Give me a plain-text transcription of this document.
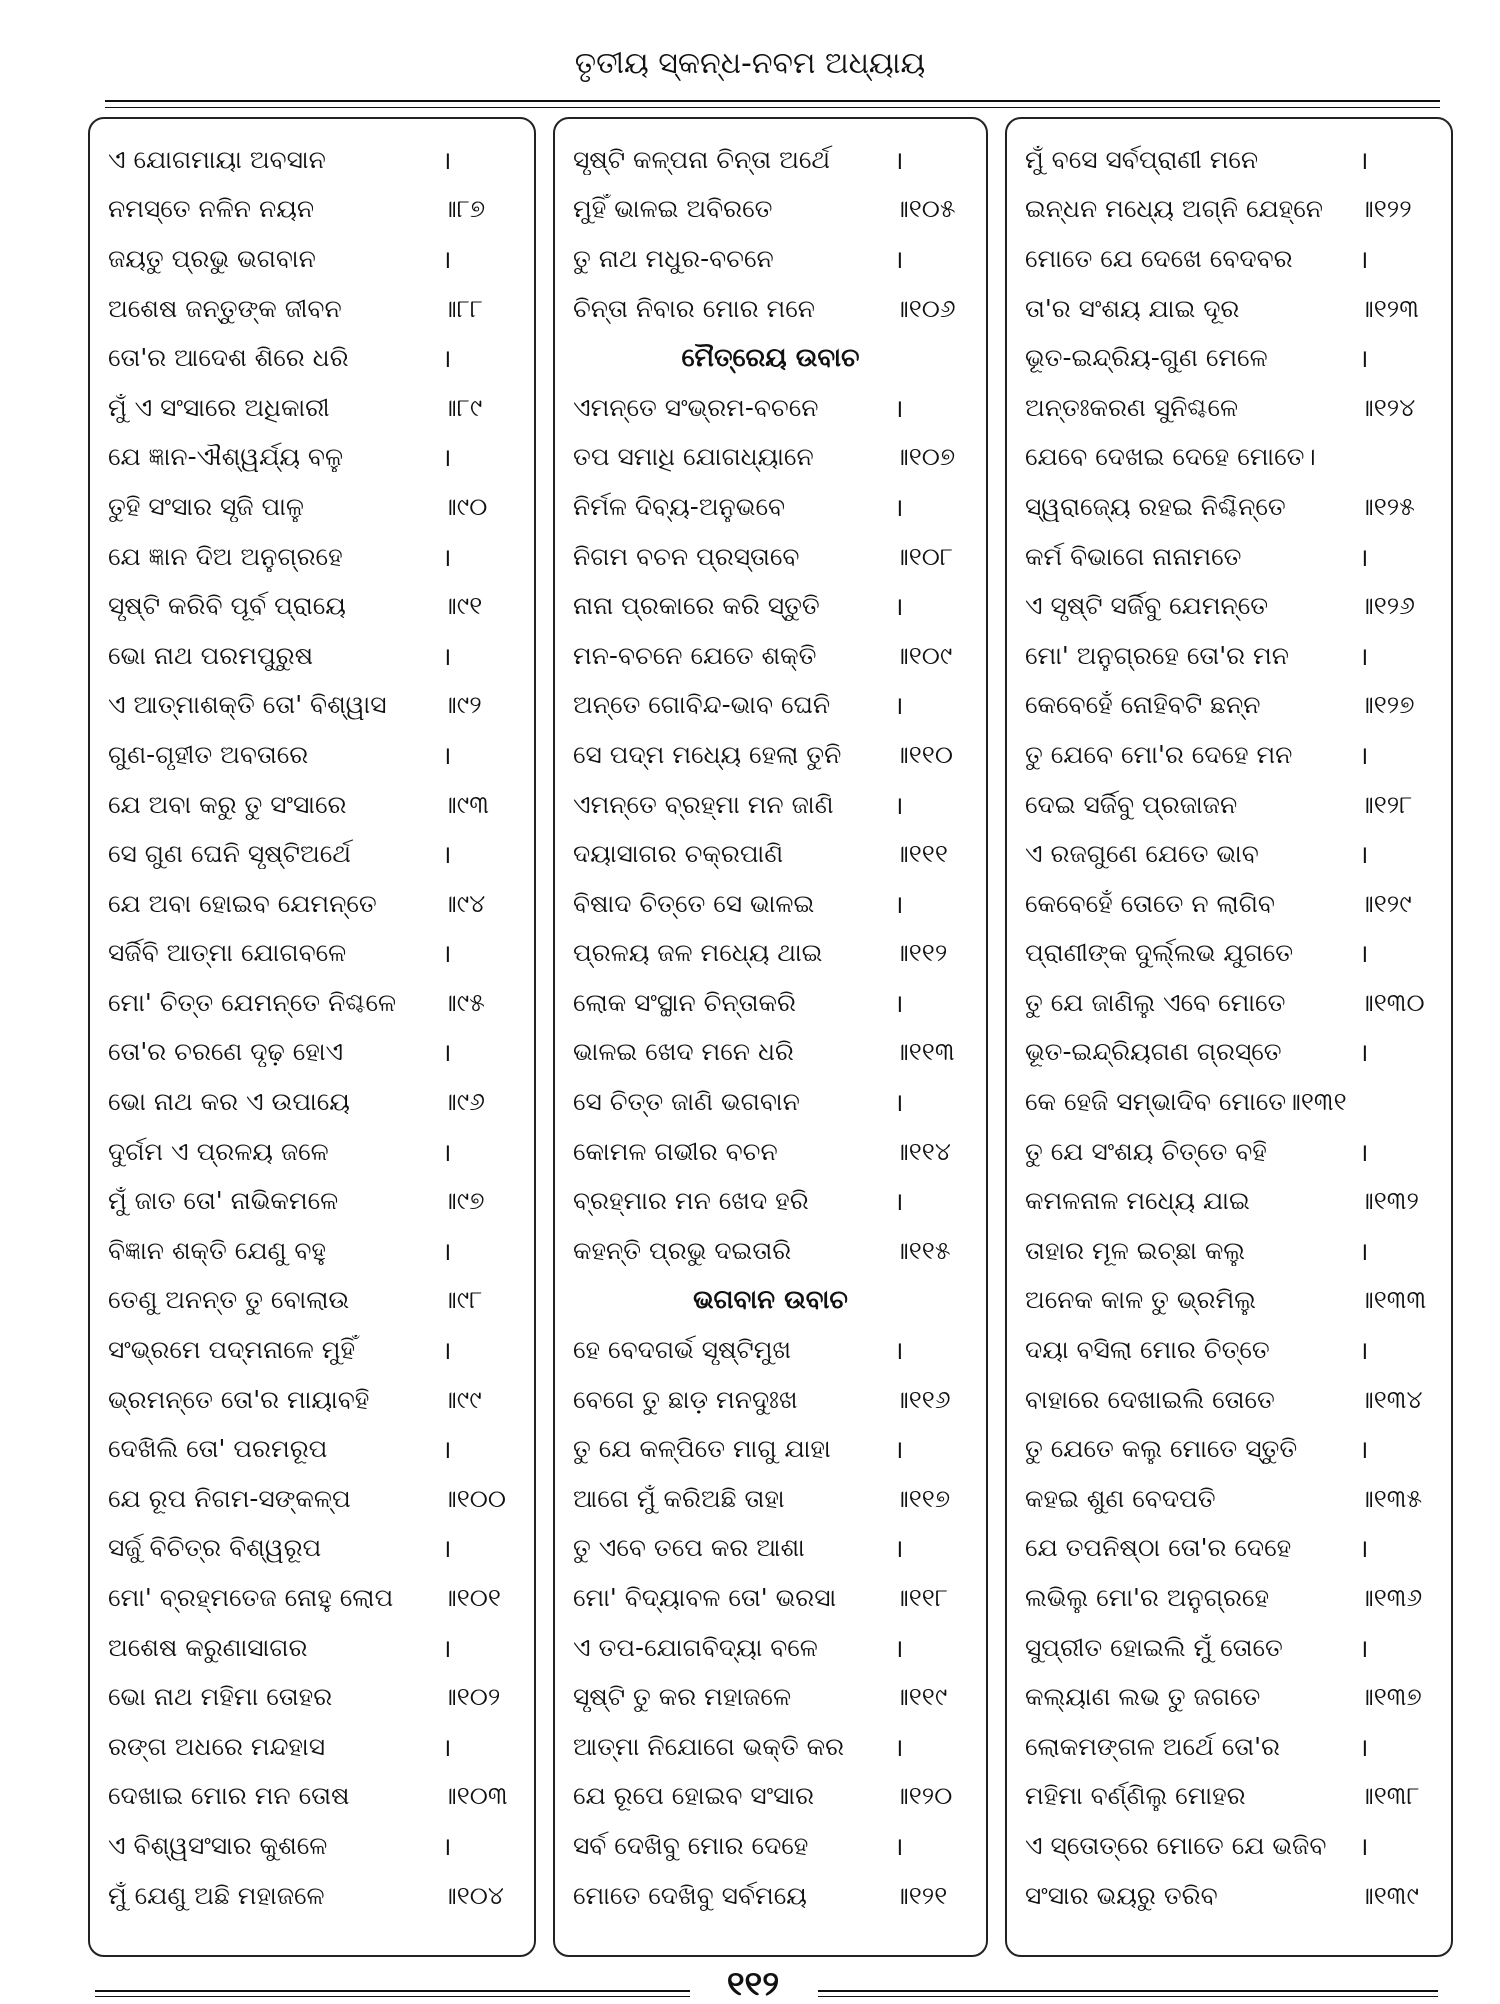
ତୃତୀୟ ସ୍କନ୍ଧ-ନବମ ଅଧ୍ୟାୟ
ଏ ଯୋଗମାୟା ଅବସାନ	।
ନମସ୍ତେ ନଳିନ ନୟନ	॥୮୭
ଜୟତୁ ପ୍ରଭୁ ଭଗବାନ	।
ଅଶେଷ ଜନ୍ତୁଙ୍କ ଜୀବନ	॥୮୮
ତୋ'ର ଆଦେଶ ଶିରେ ଧରି	।
ମୁଁ ଏ ସଂସାରେ ଅଧିକାରୀ	॥୮୯
ଯେ ଜ୍ଞାନ-ଐଶ୍ୱର୍ଯ୍ୟ ବଳୁ	।
ତୁହି ସଂସାର ସୃଜି ପାଳୁ	॥୯୦
ଯେ ଜ୍ଞାନ ଦିଅ ଅନୁଗ୍ରହେ	।
ସୃଷ୍ଟି କରିବି ପୂର୍ବ ପ୍ରାୟେ	॥୯୧
ଭୋ ନାଥ ପରମପୁରୁଷ	।
ଏ ଆତ୍ମାଶକ୍ତି ତୋ' ବିଶ୍ୱାସ	॥୯୨
ଗୁଣ-ଗୃହୀତ ଅବତାରେ	।
ଯେ ଅବା କରୁ ତୁ ସଂସାରେ	॥୯୩
ସେ ଗୁଣ ଘେନି ସୃଷ୍ଟିଅର୍ଥେ	।
ଯେ ଅବା ହୋଇବ ଯେମନ୍ତେ	॥୯୪
ସର୍ଜିବି ଆତ୍ମା ଯୋଗବଳେ	।
ମୋ' ଚିତ୍ତ ଯେମନ୍ତେ ନିଶ୍ଚଳେ	॥୯୫
ତୋ'ର ଚରଣେ ଦୃଢ଼ ହୋଏ	।
ଭୋ ନାଥ କର ଏ ଉପାୟେ	॥୯୬
ଦୁର୍ଗମ ଏ ପ୍ରଳୟ ଜଳେ	।
ମୁଁ ଜାତ ତୋ' ନାଭିକମଳେ	॥୯୭
ବିଜ୍ଞାନ ଶକ୍ତି ଯେଣୁ ବହୁ	।
ତେଣୁ ଅନନ୍ତ ତୁ ବୋଲାଉ	॥୯୮
ସଂଭ୍ରମେ ପଦ୍ମନାଳେ ମୁହିଁ	।
ଭ୍ରମନ୍ତେ ତୋ'ର ମାୟାବହି	॥୯୯
ଦେଖିଲି ତୋ' ପରମରୂପ	।
ଯେ ରୂପ ନିଗମ-ସଙ୍କଳ୍ପ	॥୧୦୦
ସର୍ଜୁ ବିଚିତ୍ର ବିଶ୍ୱରୂପ	।
ମୋ' ବ୍ରହ୍ମତେଜ ନୋହୁ ଲୋପ	॥୧୦୧
ଅଶେଷ କରୁଣାସାଗର	।
ଭୋ ନାଥ ମହିମା ତୋହର	॥୧୦୨
ରଙ୍ଗ ଅଧରେ ମନ୍ଦହାସ	।
ଦେଖାଇ ମୋର ମନ ତୋଷ	॥୧୦୩
ଏ ବିଶ୍ୱସଂସାର କୁଶଳେ	।
ମୁଁ ଯେଣୁ ଅଛି ମହାଜଳେ	॥୧୦୪
ସୃଷ୍ଟି କଳ୍ପନା ଚିନ୍ତା ଅର୍ଥେ	।
ମୁହିଁ ଭାଳଇ ଅବିରତେ	॥୧୦୫
ତୁ ନାଥ ମଧୁର-ବଚନେ	।
ଚିନ୍ତା ନିବାର ମୋର ମନେ	॥୧୦୬
ମୈତ୍ରେୟ ଉବାଚ
ଏମନ୍ତେ ସଂଭ୍ରମ-ବଚନେ	।
ତପ ସମାଧି ଯୋଗଧ୍ୟାନେ	॥୧୦୭
ନିର୍ମଳ ଦିବ୍ୟ-ଅନୁଭବେ	।
ନିଗମ ବଚନ ପ୍ରସ୍ତାବେ	॥୧୦୮
ନାନା ପ୍ରକାରେ କରି ସ୍ତୁତି	।
ମନ-ବଚନେ ଯେତେ ଶକ୍ତି	॥୧୦୯
ଅନ୍ତେ ଗୋବିନ୍ଦ-ଭାବ ଘେନି	।
ସେ ପଦ୍ମ ମଧ୍ୟେ ହେଲା ତୁନି	॥୧୧୦
ଏମନ୍ତେ ବ୍ରହ୍ମା ମନ ଜାଣି	।
ଦୟାସାଗର ଚକ୍ରପାଣି	॥୧୧୧
ବିଷାଦ ଚିତ୍ତେ ସେ ଭାଳଇ	।
ପ୍ରଳୟ ଜଳ ମଧ୍ୟେ ଥାଇ	॥୧୧୨
ଲୋକ ସଂସ୍ଥାନ ଚିନ୍ତାକରି	।
ଭାଳଇ ଖେଦ ମନେ ଧରି	॥୧୧୩
ସେ ଚିତ୍ତ ଜାଣି ଭଗବାନ	।
କୋମଳ ଗଭୀର ବଚନ	॥୧୧୪
ବ୍ରହ୍ମାର ମନ ଖେଦ ହରି	।
କହନ୍ତି ପ୍ରଭୁ ଦଇତାରି	॥୧୧୫
ଭଗବାନ ଉବାଚ
ହେ ବେଦଗର୍ଭ ସୃଷ୍ଟିମୁଖ	।
ବେଗେ ତୁ ଛାଡ଼ ମନଦୁଃଖ	॥୧୧୬
ତୁ ଯେ କଳ୍ପିତେ ମାଗୁ ଯାହା	।
ଆଗେ ମୁଁ କରିଅଛି ତାହା	॥୧୧୭
ତୁ ଏବେ ତପେ କର ଆଶା	।
ମୋ' ବିଦ୍ୟାବଳ ତୋ' ଭରସା	॥୧୧୮
ଏ ତପ-ଯୋଗବିଦ୍ୟା ବଳେ	।
ସୃଷ୍ଟି ତୁ କର ମହାଜଳେ	॥୧୧୯
ଆତ୍ମା ନିଯୋଗେ ଭକ୍ତି କର	।
ଯେ ରୂପେ ହୋଇବ ସଂସାର	॥୧୨୦
ସର୍ବ ଦେଖିବୁ ମୋର ଦେହେ	।
ମୋତେ ଦେଖିବୁ ସର୍ବମୟେ	॥୧୨୧
ମୁଁ ବସେ ସର୍ବପ୍ରାଣୀ ମନେ	।
ଇନ୍ଧନ ମଧ୍ୟେ ଅଗ୍ନି ଯେହ୍ନେ	॥୧୨୨
ମୋତେ ଯେ ଦେଖେ ବେଦବର	।
ତା'ର ସଂଶୟ ଯାଇ ଦୂର	॥୧୨୩
ଭୂତ-ଇନ୍ଦ୍ରିୟ-ଗୁଣ ମେଳେ	।
ଅନ୍ତଃକରଣ ସୁନିଶ୍ଚଳେ	॥୧୨୪
ଯେବେ ଦେଖଇ ଦେହେ ମୋତେ।
ସ୍ୱରାଜ୍ୟେ ରହଇ ନିଶ୍ଚିନ୍ତେ	॥୧୨୫
କର୍ମ ବିଭାଗେ ନାନାମତେ	।
ଏ ସୃଷ୍ଟି ସର୍ଜିବୁ ଯେମନ୍ତେ	॥୧୨୬
ମୋ' ଅନୁଗ୍ରହେ ତୋ'ର ମନ	।
କେବେହେଁ ନୋହିବଟି ଛନ୍ନ	॥୧୨୭
ତୁ ଯେବେ ମୋ'ର ଦେହେ ମନ	।
ଦେଇ ସର୍ଜିବୁ ପ୍ରଜାଜନ	॥୧୨୮
ଏ ରଜଗୁଣେ ଯେତେ ଭାବ	।
କେବେହେଁ ତୋତେ ନ ଲାଗିବ	॥୧୨୯
ପ୍ରାଣୀଙ୍କ ଦୁର୍ଲ୍ଲଭ ଯୁଗତେ	।
ତୁ ଯେ ଜାଣିଲୁ ଏବେ ମୋତେ	॥୧୩୦
ଭୂତ-ଇନ୍ଦ୍ରିୟଗଣ ଗ୍ରସ୍ତେ	।
କେ ହେଜି ସମ୍ଭାଦିବ ମୋତେ॥୧୩୧
ତୁ ଯେ ସଂଶୟ ଚିତ୍ତେ ବହି	।
କମଳନାଳ ମଧ୍ୟେ ଯାଇ	॥୧୩୨
ତାହାର ମୂଳ ଇଚ୍ଛା କଲୁ	।
ଅନେକ କାଳ ତୁ ଭ୍ରମିଲୁ	॥୧୩୩
ଦୟା ବସିଲା ମୋର ଚିତ୍ତେ	।
ବାହାରେ ଦେଖାଇଲି ତୋତେ	॥୧୩୪
ତୁ ଯେତେ କଲୁ ମୋତେ ସ୍ତୁତି	।
କହଇ ଶୁଣ ବେଦପତି	॥୧୩୫
ଯେ ତପନିଷ୍ଠା ତୋ'ର ଦେହେ	।
ଲଭିଲୁ ମୋ'ର ଅନୁଗ୍ରହେ	॥୧୩୬
ସୁପ୍ରୀତ ହୋଇଲି ମୁଁ ତୋତେ	।
କଲ୍ୟାଣ ଲଭ ତୁ ଜଗତେ	॥୧୩୭
ଲୋକମଙ୍ଗଳ ଅର୍ଥେ ତୋ'ର	।
ମହିମା ବର୍ଣ୍ଣିଲୁ ମୋହର	॥୧୩୮
ଏ ସ୍ତୋତ୍ରେ ମୋତେ ଯେ ଭଜିବ	।
ସଂସାର ଭୟରୁ ତରିବ	॥୧୩୯
୧୧୨
